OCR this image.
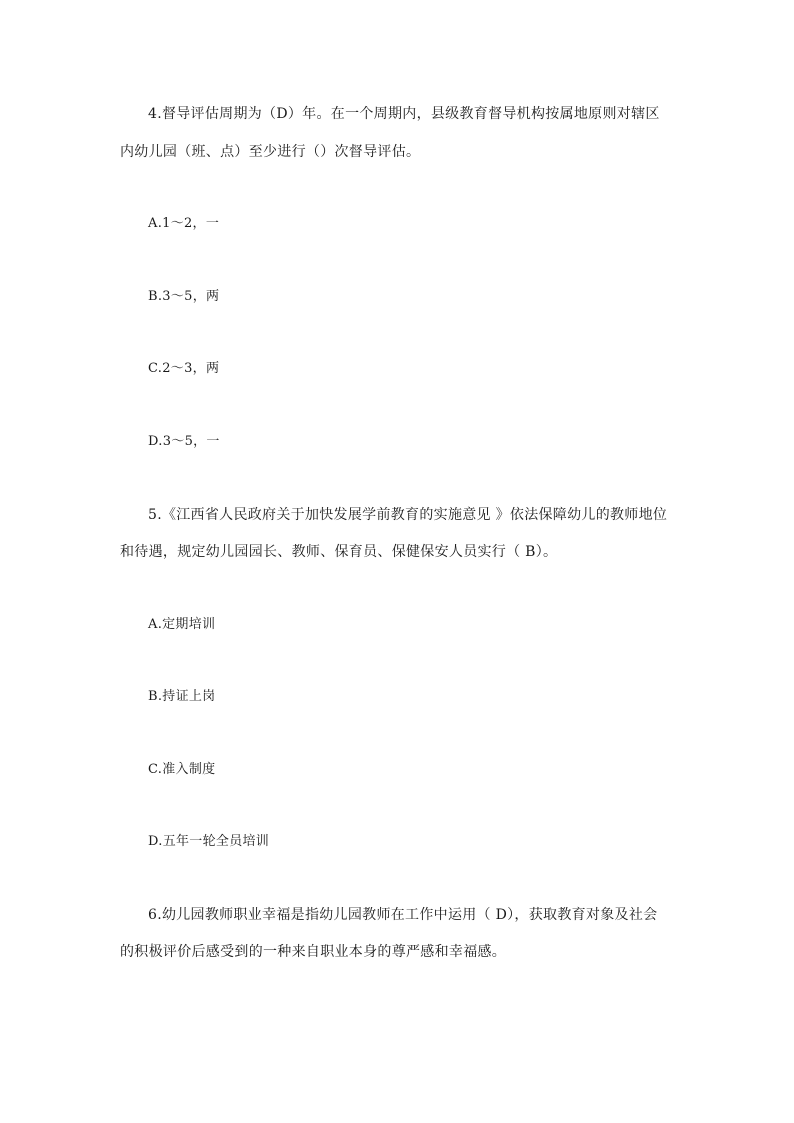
4.督导评估周期为（D）年。在一个周期内，县级教育督导机构按属地原则对辖区
内幼儿园（班、点）至少进行（）次督导评估。
A.1～2，一
B.3～5，两
C.2～3，两
D.3～5，一
5.《江西省人民政府关于加快发展学前教育的实施意见 》依法保障幼儿的教师地位
和待遇，规定幼儿园园长、教师、保育员、保健保安人员实行（ B）。
A.定期培训
B.持证上岗
C.准入制度
D.五年一轮全员培训
6.幼儿园教师职业幸福是指幼儿园教师在工作中运用（ D），获取教育对象及社会
的积极评价后感受到的一种来自职业本身的尊严感和幸福感。
